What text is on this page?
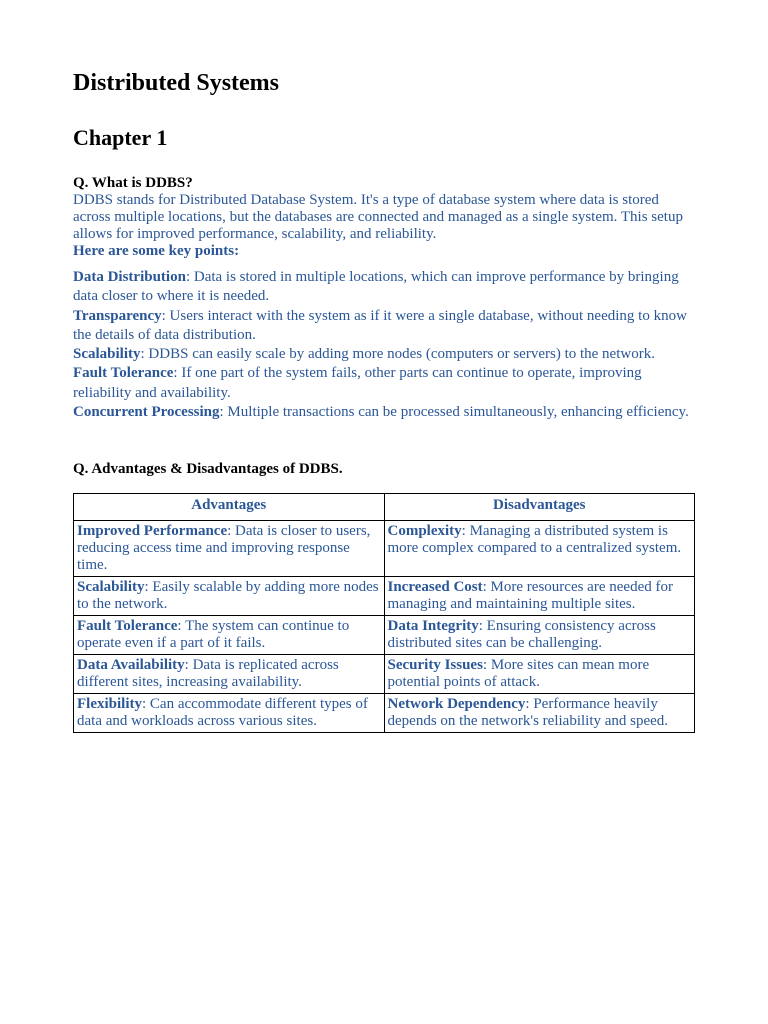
Distributed Systems
Chapter 1
Q. What is DDBS?
DDBS stands for Distributed Database System. It's a type of database system where data is stored across multiple locations, but the databases are connected and managed as a single system. This setup allows for improved performance, scalability, and reliability.
Here are some key points:

Data Distribution: Data is stored in multiple locations, which can improve performance by bringing data closer to where it is needed.

Transparency: Users interact with the system as if it were a single database, without needing to know the details of data distribution.

Scalability: DDBS can easily scale by adding more nodes (computers or servers) to the network.

Fault Tolerance: If one part of the system fails, other parts can continue to operate, improving reliability and availability.

Concurrent Processing: Multiple transactions can be processed simultaneously, enhancing efficiency.

Q. Advantages & Disadvantages of DDBS.
Advantages	Disadvantages
Improved Performance: Data is closer to users, reducing access time and improving response time.	Complexity: Managing a distributed system is more complex compared to a centralized system.
Scalability: Easily scalable by adding more nodes to the network.	Increased Cost: More resources are needed for managing and maintaining multiple sites.
Fault Tolerance: The system can continue to operate even if a part of it fails.	Data Integrity: Ensuring consistency across distributed sites can be challenging.
Data Availability: Data is replicated across different sites, increasing availability.	Security Issues: More sites can mean more potential points of attack.
Flexibility: Can accommodate different types of data and workloads across various sites.	Network Dependency: Performance heavily depends on the network's reliability and speed.
